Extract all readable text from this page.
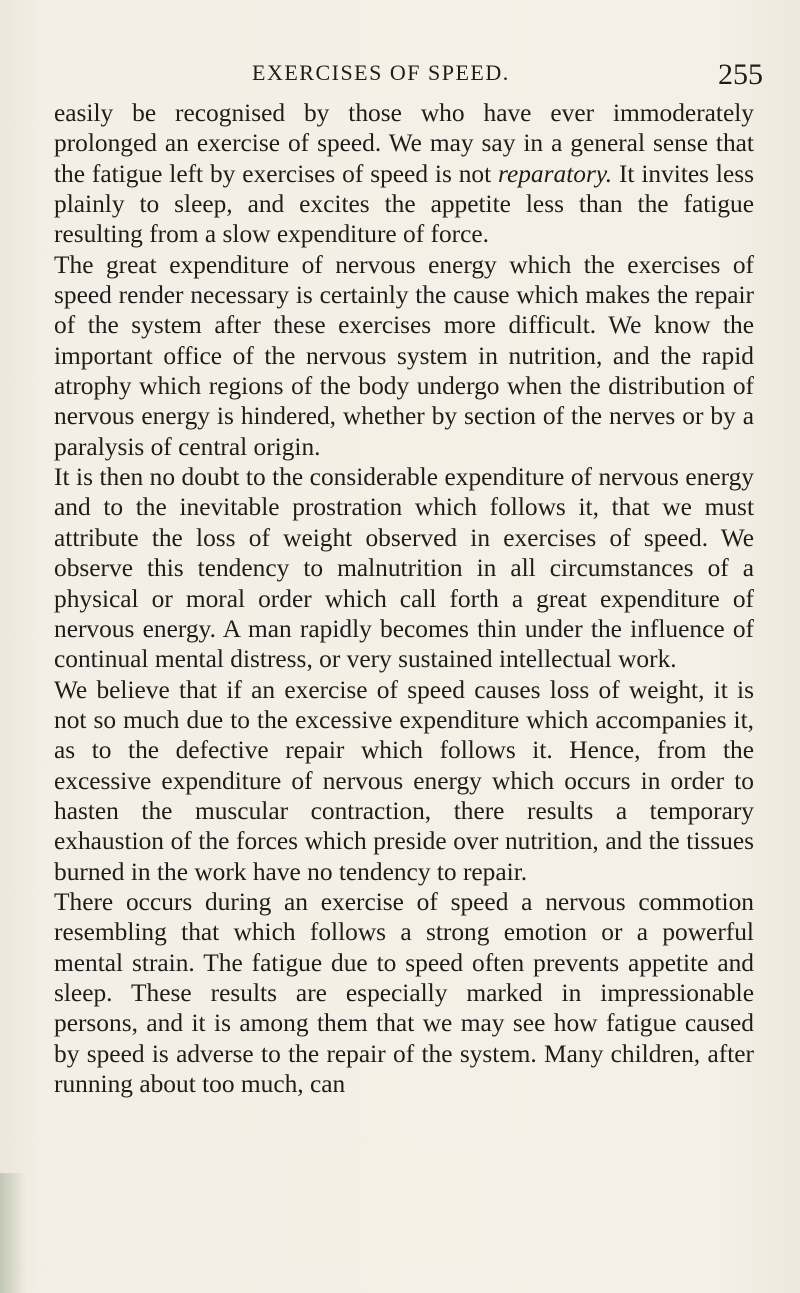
EXERCISES OF SPEED.	255

easily be recognised by those who have ever immoderately prolonged an exercise of speed. We may say in a general sense that the fatigue left by exercises of speed is not reparatory. It invites less plainly to sleep, and excites the appetite less than the fatigue resulting from a slow expenditure of force.

The great expenditure of nervous energy which the exercises of speed render necessary is certainly the cause which makes the repair of the system after these exercises more difficult. We know the important office of the nervous system in nutrition, and the rapid atrophy which regions of the body undergo when the distribution of nervous energy is hindered, whether by section of the nerves or by a paralysis of central origin.

It is then no doubt to the considerable expenditure of nervous energy and to the inevitable prostration which follows it, that we must attribute the loss of weight observed in exercises of speed. We observe this tendency to malnutrition in all circumstances of a physical or moral order which call forth a great expenditure of nervous energy. A man rapidly becomes thin under the influence of continual mental distress, or very sustained intellectual work.

We believe that if an exercise of speed causes loss of weight, it is not so much due to the excessive expenditure which accompanies it, as to the defective repair which follows it. Hence, from the excessive expenditure of nervous energy which occurs in order to hasten the muscular contraction, there results a temporary exhaustion of the forces which preside over nutrition, and the tissues burned in the work have no tendency to repair.

There occurs during an exercise of speed a nervous commotion resembling that which follows a strong emotion or a powerful mental strain. The fatigue due to speed often prevents appetite and sleep. These results are especially marked in impressionable persons, and it is among them that we may see how fatigue caused by speed is adverse to the repair of the system. Many children, after running about too much, can
